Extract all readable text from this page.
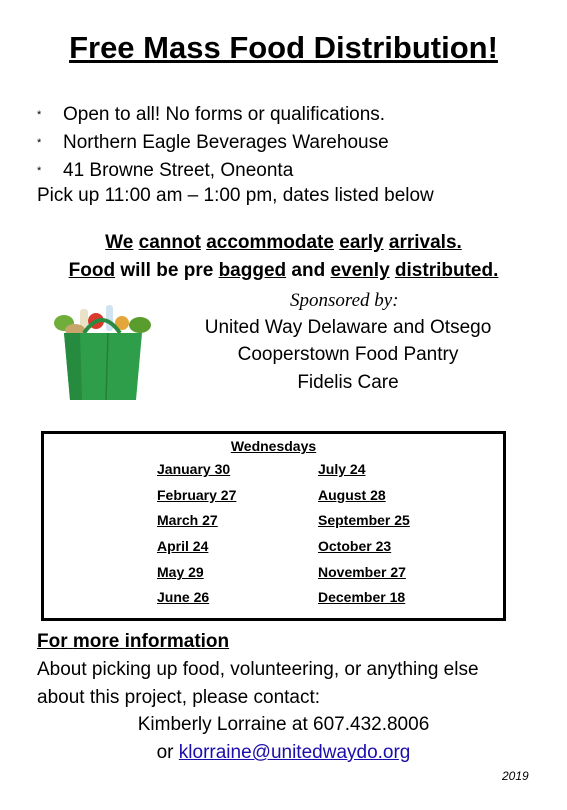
Free Mass Food Distribution!
* Open to all! No forms or qualifications.
* Northern Eagle Beverages Warehouse
* 41 Browne Street, Oneonta
Pick up 11:00 am – 1:00 pm, dates listed below
We cannot accommodate early arrivals.
Food will be pre bagged and evenly distributed.
Sponsored by:
United Way Delaware and Otsego
Cooperstown Food Pantry
Fidelis Care
Wednesdays
January 30
February 27
March 27
April 24
May 29
June 26
July 24
August 28
September 25
October 23
November 27
December 18
For more information
About picking up food, volunteering, or anything else
about this project, please contact:
Kimberly Lorraine at 607.432.8006
or klorraine@unitedwaydo.org
2019
